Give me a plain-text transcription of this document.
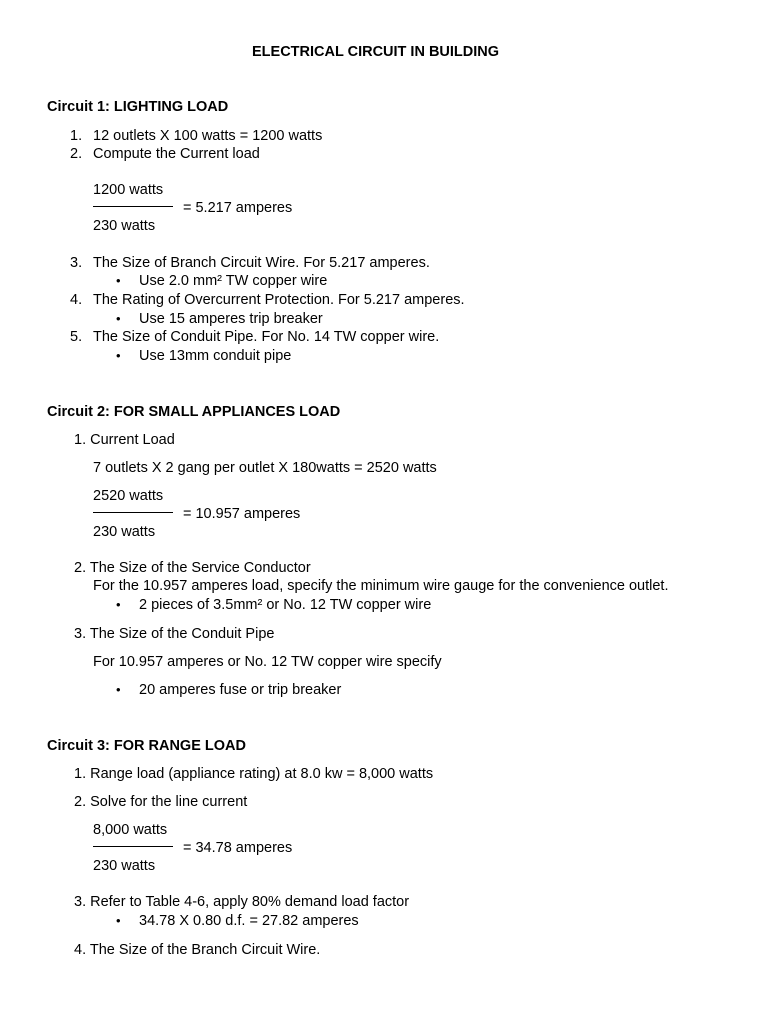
ELECTRICAL CIRCUIT IN BUILDING
Circuit 1: LIGHTING LOAD
1. 12 outlets X 100 watts = 1200 watts
2. Compute the Current load
1200 watts
= 5.217 amperes
230 watts
3. The Size of Branch Circuit Wire. For 5.217 amperes.
• Use 2.0 mm² TW copper wire
4. The Rating of Overcurrent Protection. For 5.217 amperes.
• Use 15 amperes trip breaker
5. The Size of Conduit Pipe. For No. 14 TW copper wire.
• Use 13mm conduit pipe
Circuit 2: FOR SMALL APPLIANCES LOAD
1. Current Load
7 outlets X 2 gang per outlet X 180watts = 2520 watts
2520 watts
= 10.957 amperes
230 watts
2. The Size of the Service Conductor
For the 10.957 amperes load, specify the minimum wire gauge for the convenience outlet.
• 2 pieces of 3.5mm² or No. 12 TW copper wire
3. The Size of the Conduit Pipe
For 10.957 amperes or No. 12 TW copper wire specify
• 20 amperes fuse or trip breaker
Circuit 3: FOR RANGE LOAD
1. Range load (appliance rating) at 8.0 kw = 8,000 watts
2. Solve for the line current
8,000 watts
= 34.78 amperes
230 watts
3. Refer to Table 4-6, apply 80% demand load factor
• 34.78 X 0.80 d.f. = 27.82 amperes
4. The Size of the Branch Circuit Wire.
